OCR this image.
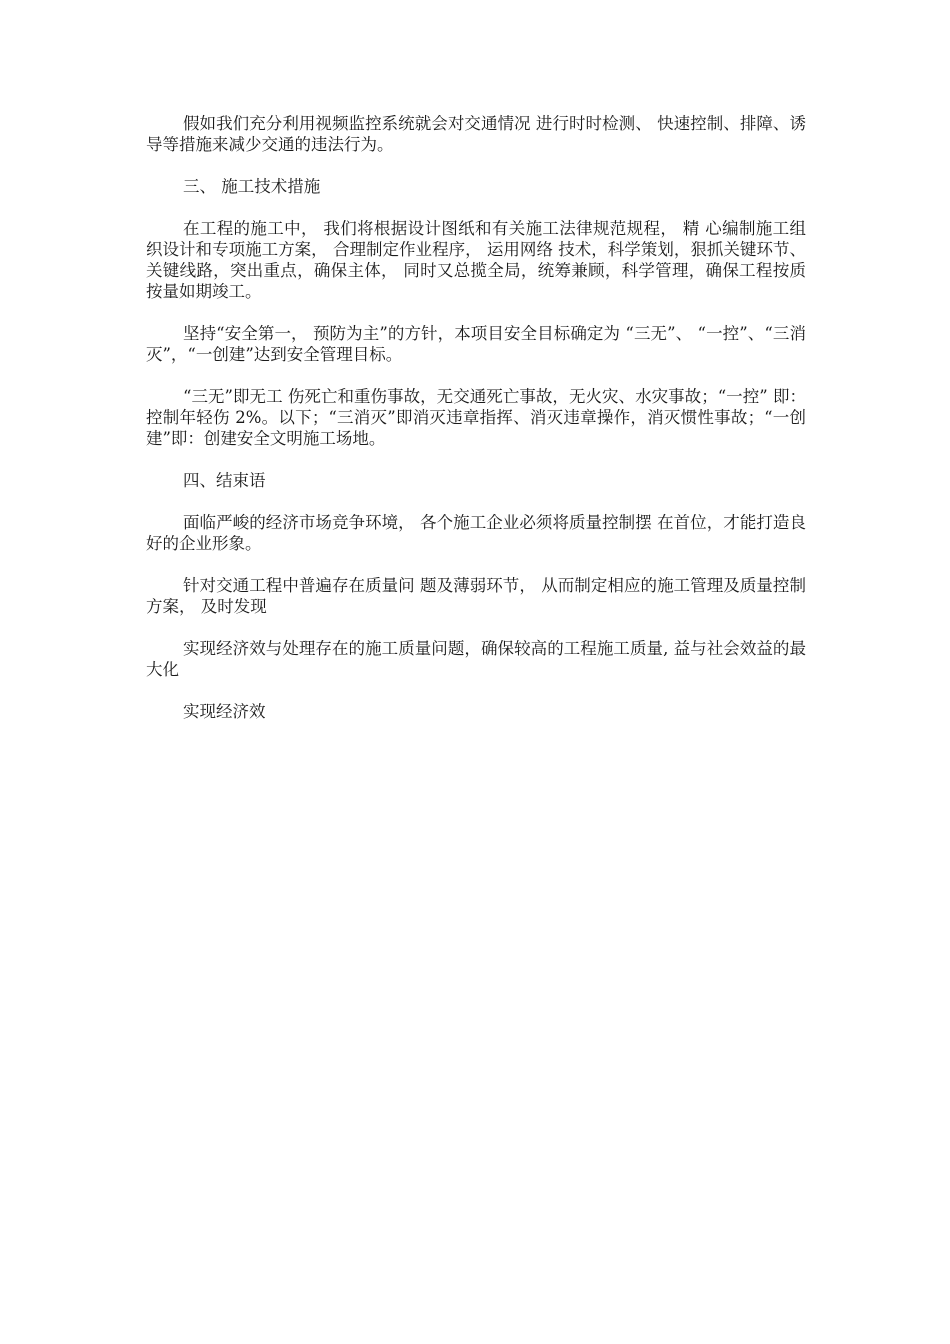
假如我们充分利用视频监控系统就会对交通情况 进行时时检测、 快速控制、排障、诱导等措施来减少交通的违法行为。

三、 施工技术措施

在工程的施工中， 我们将根据设计图纸和有关施工法律规范规程， 精 心编制施工组织设计和专项施工方案， 合理制定作业程序， 运用网络 技术，科学策划，狠抓关键环节、关键线路，突出重点，确保主体， 同时又总揽全局，统筹兼顾，科学管理，确保工程按质按量如期竣工。

坚持“安全第一， 预防为主”的方针，本项目安全目标确定为 “三无”、 “一控”、“三消灭”，“一创建”达到安全管理目标。

“三无”即无工 伤死亡和重伤事故，无交通死亡事故，无火灾、水灾事故；“一控” 即：控制年轻伤 2%。以下；“三消灭”即消灭违章指挥、消灭违章操作，消灭惯性事故；“一创建”即：创建安全文明施工场地。

四、结束语

面临严峻的经济市场竞争环境， 各个施工企业必须将质量控制摆 在首位，才能打造良好的企业形象。

针对交通工程中普遍存在质量问 题及薄弱环节， 从而制定相应的施工管理及质量控制方案， 及时发现

实现经济效与处理存在的施工质量问题，确保较高的工程施工质量, 益与社会效益的最大化

实现经济效
